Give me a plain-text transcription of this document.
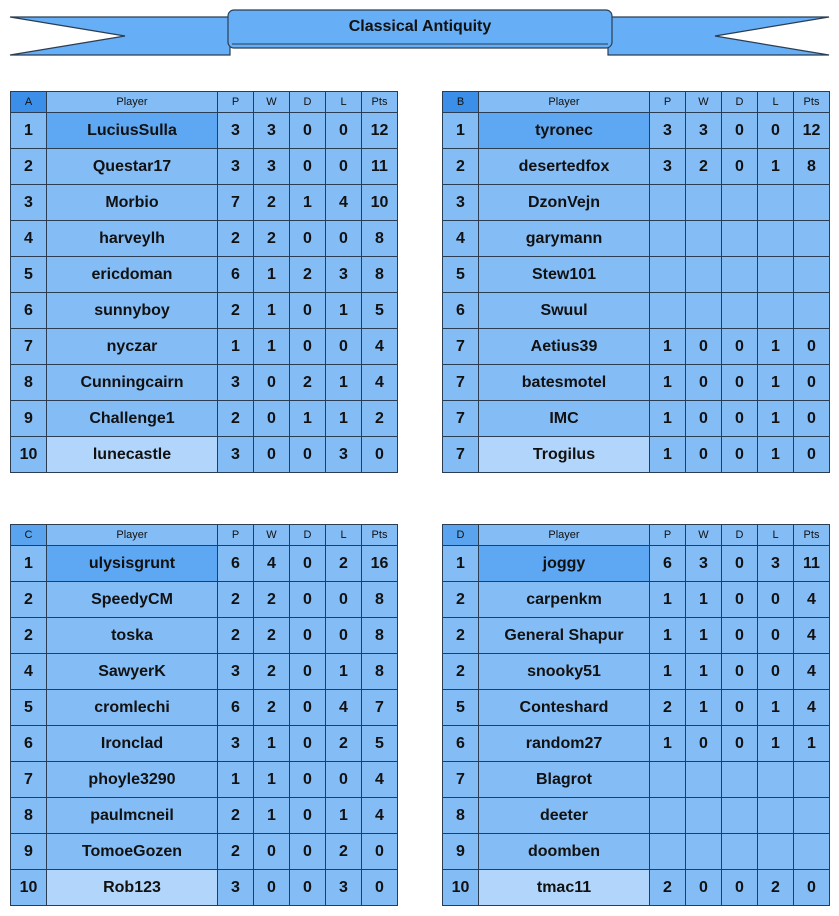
Classical Antiquity
A	Player	P	W	D	L	Pts
1	LuciusSulla	3	3	0	0	12
2	Questar17	3	3	0	0	11
3	Morbio	7	2	1	4	10
4	harveylh	2	2	0	0	8
5	ericdoman	6	1	2	3	8
6	sunnyboy	2	1	0	1	5
7	nyczar	1	1	0	0	4
8	Cunningcairn	3	0	2	1	4
9	Challenge1	2	0	1	1	2
10	lunecastle	3	0	0	3	0
B	Player	P	W	D	L	Pts
1	tyronec	3	3	0	0	12
2	desertedfox	3	2	0	1	8
3	DzonVejn					
4	garymann					
5	Stew101					
6	Swuul					
7	Aetius39	1	0	0	1	0
7	batesmotel	1	0	0	1	0
7	IMC	1	0	0	1	0
7	Trogilus	1	0	0	1	0
C	Player	P	W	D	L	Pts
1	ulysisgrunt	6	4	0	2	16
2	SpeedyCM	2	2	0	0	8
2	toska	2	2	0	0	8
4	SawyerK	3	2	0	1	8
5	cromlechi	6	2	0	4	7
6	Ironclad	3	1	0	2	5
7	phoyle3290	1	1	0	0	4
8	paulmcneil	2	1	0	1	4
9	TomoeGozen	2	0	0	2	0
10	Rob123	3	0	0	3	0
D	Player	P	W	D	L	Pts
1	joggy	6	3	0	3	11
2	carpenkm	1	1	0	0	4
2	General Shapur	1	1	0	0	4
2	snooky51	1	1	0	0	4
5	Conteshard	2	1	0	1	4
6	random27	1	0	0	1	1
7	Blagrot					
8	deeter					
9	doomben					
10	tmac11	2	0	0	2	0
